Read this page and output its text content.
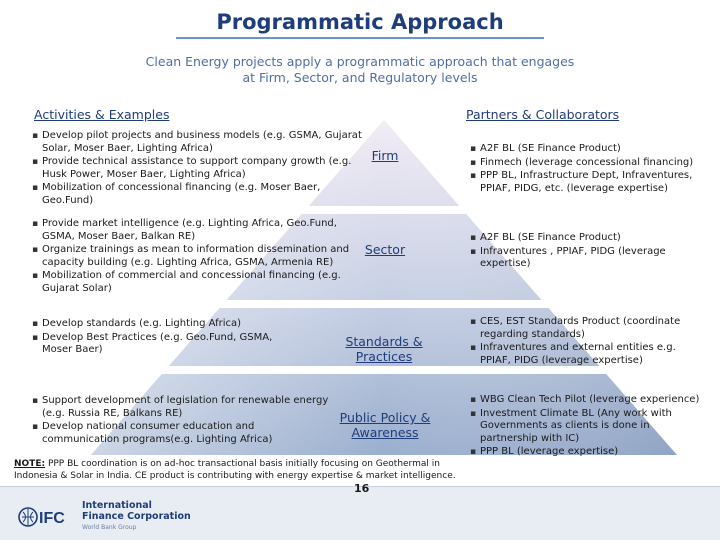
Programmatic Approach
Clean Energy projects apply a programmatic approach that engages at Firm, Sector, and Regulatory levels
Activities & Examples	Partners & Collaborators
▪ Develop pilot projects and business models (e.g. GSMA, Gujarat Solar, Moser Baer, Lighting Africa)
▪ Provide technical assistance to support company growth (e.g. Husk Power, Moser Baer, Lighting Africa)
▪ Mobilization of concessional financing (e.g. Moser Baer, Geo.Fund)
Firm	▪ A2F BL (SE Finance Product)
▪ Finmech (leverage concessional financing)
▪ PPP BL, Infrastructure Dept, Infraventures, PPIAF, PIDG, etc. (leverage expertise)
▪ Provide market intelligence (e.g. Lighting Africa, Geo.Fund, GSMA, Moser Baer, Balkan RE)
▪ Organize trainings as mean to information dissemination and capacity building (e.g. Lighting Africa, GSMA, Armenia RE)
▪ Mobilization of commercial and concessional financing (e.g. Gujarat Solar)
Sector
▪ A2F BL (SE Finance Product)
▪ Infraventures , PPIAF, PIDG (leverage expertise)
▪ Develop standards (e.g. Lighting Africa)
▪ Develop Best Practices (e.g. Geo.Fund, GSMA, Moser Baer)
Standards & Practices
▪ CES, EST Standards Product (coordinate regarding standards)
▪ Infraventures and external entities e.g. PPIAF, PIDG (leverage expertise)
▪ Support development of legislation for renewable energy (e.g. Russia RE, Balkans RE)
▪ Develop national consumer education and communication programs(e.g. Lighting Africa)
Public Policy & Awareness
▪ WBG Clean Tech Pilot (leverage experience)
▪ Investment Climate BL (Any work with Governments as clients is done in partnership with IC)
▪ PPP BL (leverage expertise)
NOTE: PPP BL coordination is on ad-hoc transactional basis initially focusing on Geothermal in Indonesia & Solar in India. CE product is contributing with energy expertise & market intelligence.
IFC
International
Finance Corporation
World Bank Group
16
